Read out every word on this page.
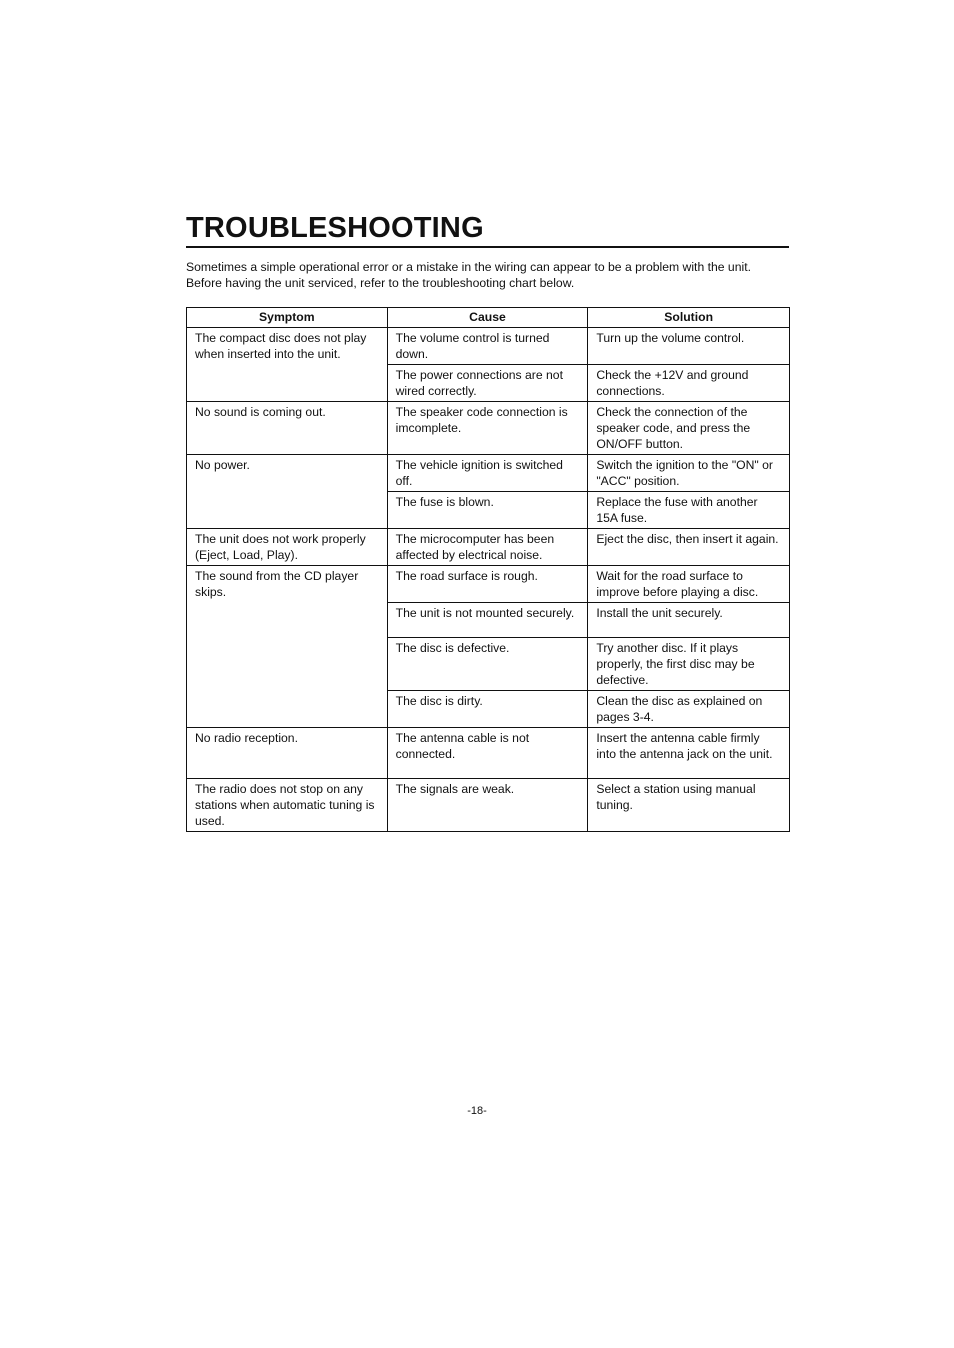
TROUBLESHOOTING

Sometimes a simple operational error or a mistake in the wiring can appear to be a problem with the unit.

Before having the unit serviced, refer to the troubleshooting chart below.

Symptom	Cause	Solution
The compact disc does not play when inserted into the unit.	The volume control is turned down.	Turn up the volume control.
	The power connections are not wired correctly.	Check the +12V and ground connections.
No sound is coming out.	The speaker code connection is imcomplete.	Check the connection of the speaker code, and press the ON/OFF button.
No power.	The vehicle ignition is switched off.	Switch the ignition to the "ON" or "ACC" position.
	The fuse is blown.	Replace the fuse with another 15A fuse.
The unit does not work properly (Eject, Load, Play).	The microcomputer has been affected by electrical noise.	Eject the disc, then insert it again.
The sound from the CD player skips.	The road surface is rough.	Wait for the road surface to improve before playing a disc.
	The unit is not mounted securely.	Install the unit securely.
	The disc is defective.	Try another disc. If it plays properly, the first disc may be defective.
	The disc is dirty.	Clean the disc as explained on pages 3-4.
No radio reception.	The antenna cable is not connected.	Insert the antenna cable firmly into the antenna jack on the unit.
The radio does not stop on any stations when automatic tuning is used.	The signals are weak.	Select a station using manual tuning.
-18-
